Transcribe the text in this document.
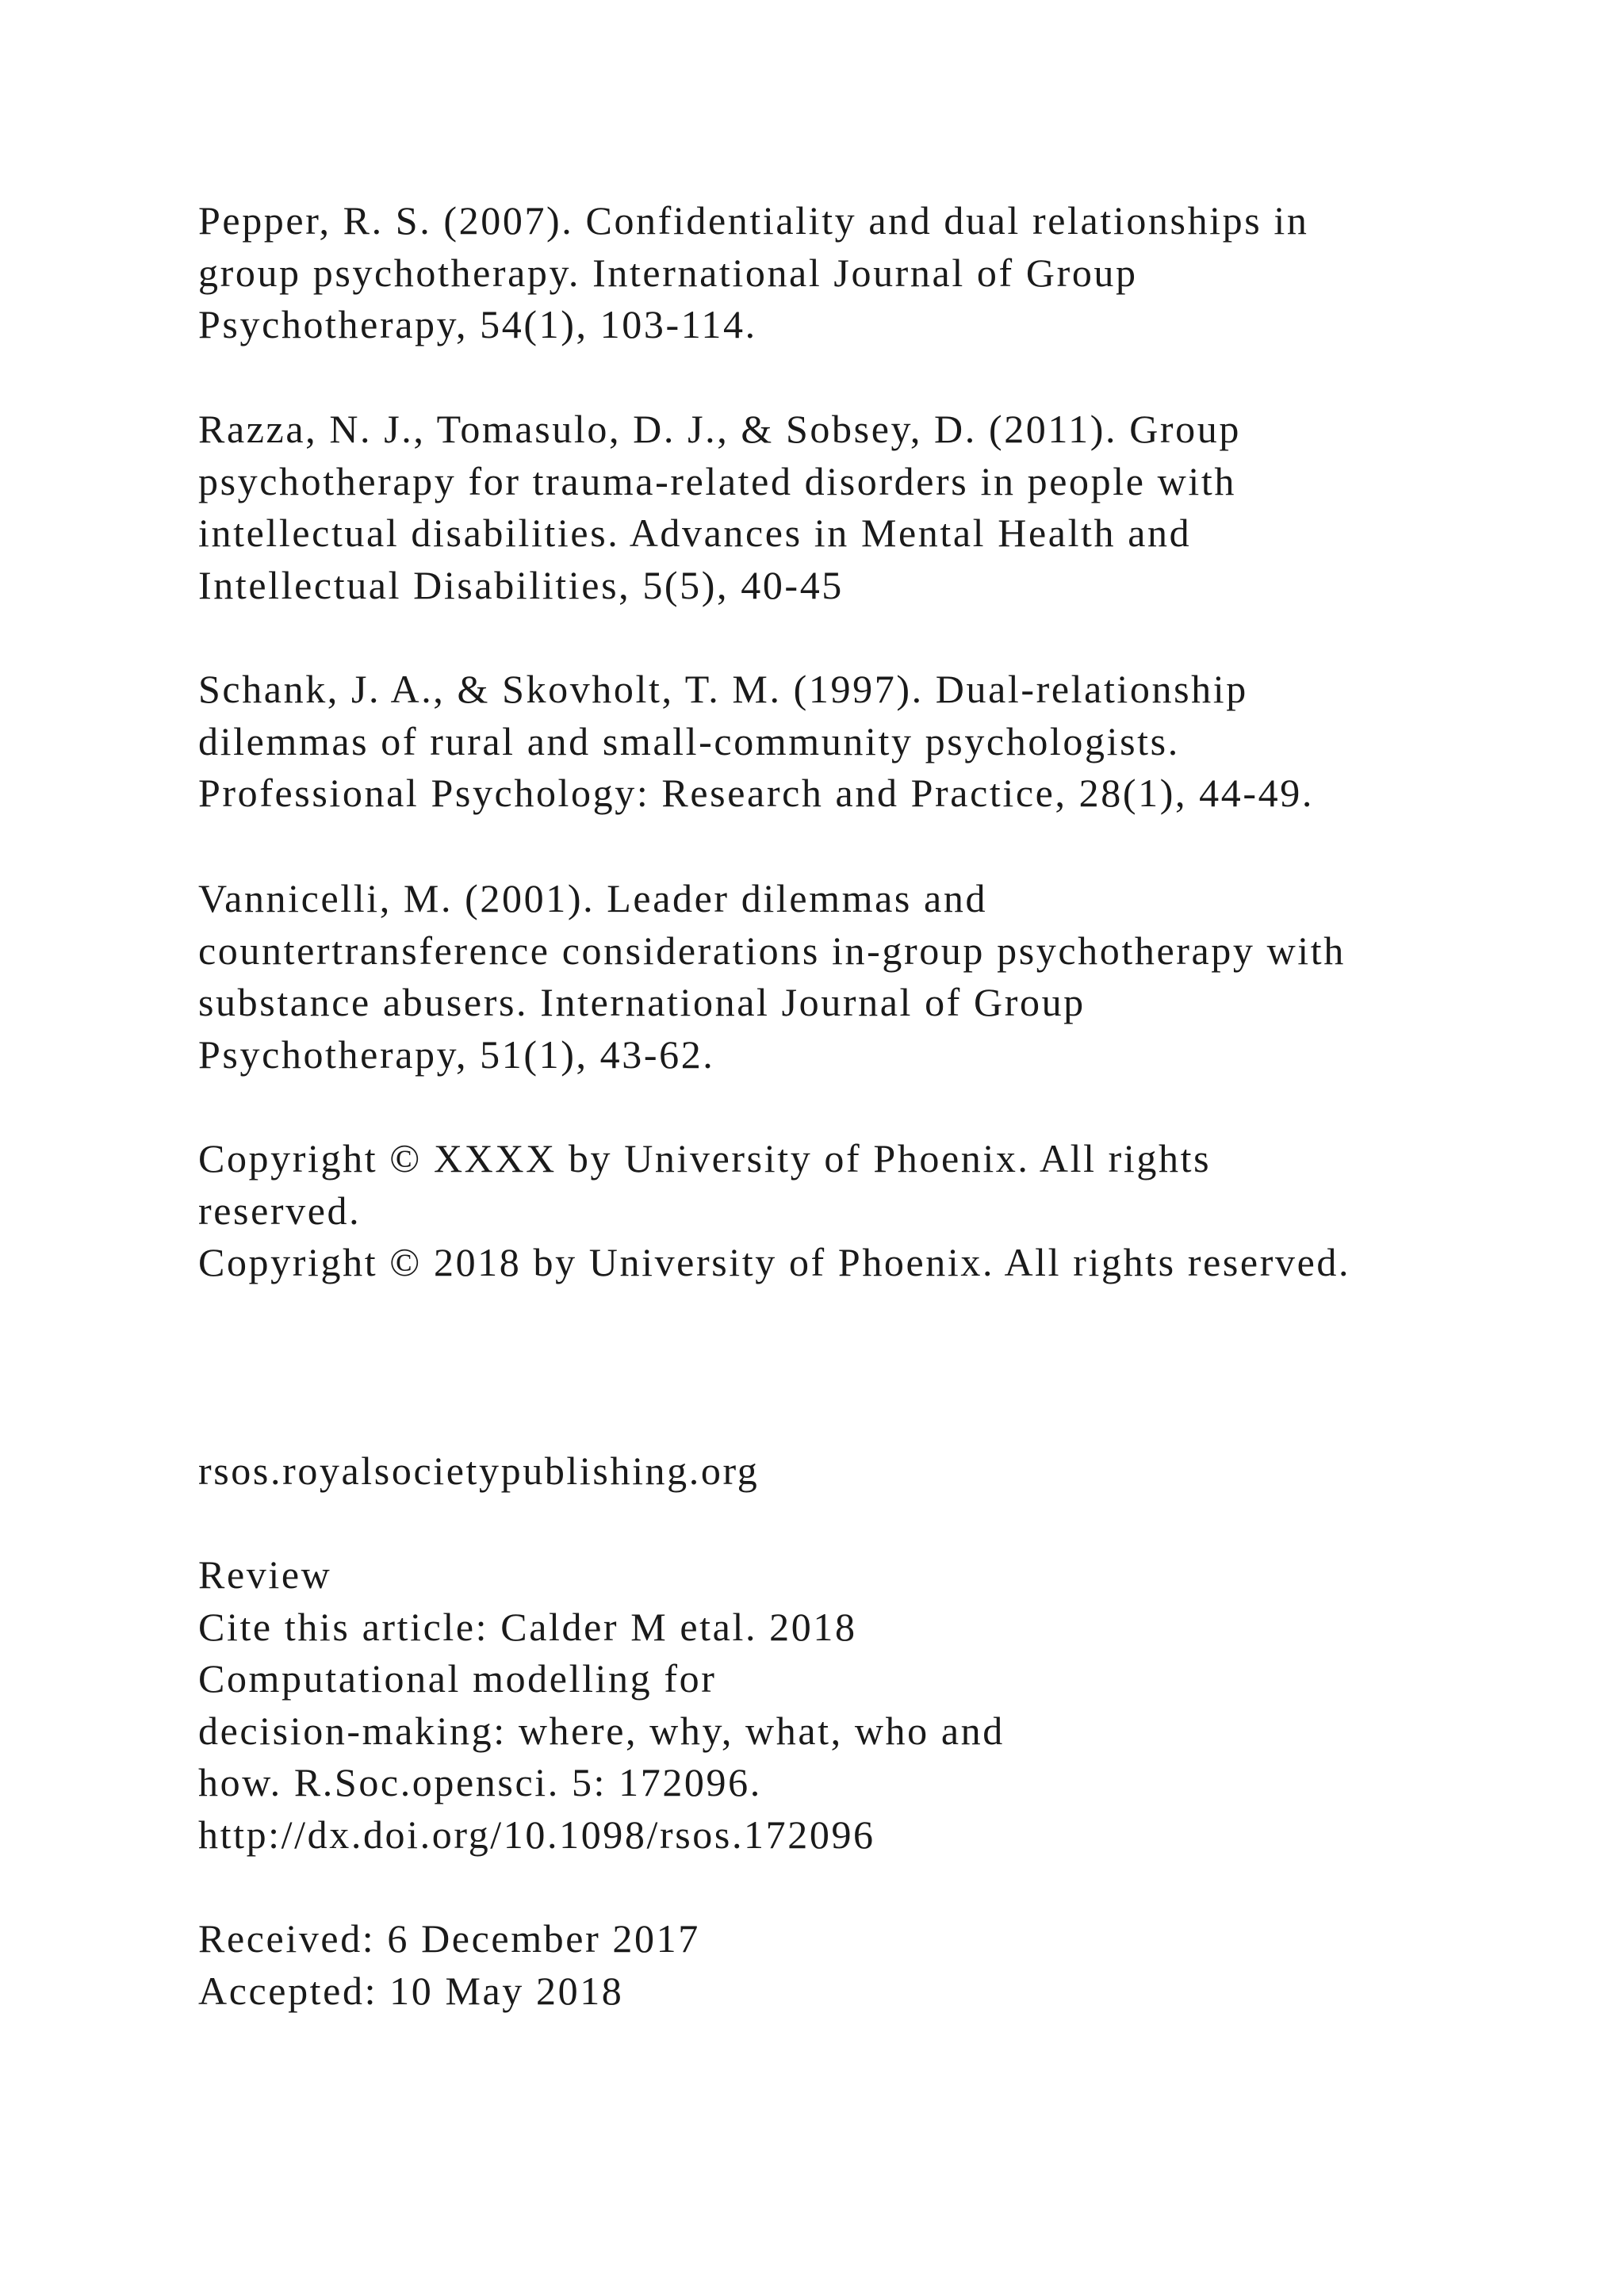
Pepper, R. S. (2007). Confidentiality and dual relationships in
group psychotherapy. International Journal of Group
Psychotherapy, 54(1), 103-114.
Razza, N. J., Tomasulo, D. J., & Sobsey, D. (2011). Group
psychotherapy for trauma-related disorders in people with
intellectual disabilities. Advances in Mental Health and
Intellectual Disabilities, 5(5), 40-45
Schank, J. A., & Skovholt, T. M. (1997). Dual-relationship
dilemmas of rural and small-community psychologists.
Professional Psychology: Research and Practice, 28(1), 44-49.
Vannicelli, M. (2001). Leader dilemmas and
countertransference considerations in-group psychotherapy with
substance abusers. International Journal of Group
Psychotherapy, 51(1), 43-62.
Copyright © XXXX by University of Phoenix. All rights
reserved.
Copyright © 2018 by University of Phoenix. All rights reserved.
rsos.royalsocietypublishing.org
Review
Cite this article: Calder M etal. 2018
Computational modelling for
decision-making: where, why, what, who and
how. R.Soc.opensci. 5: 172096.
http://dx.doi.org/10.1098/rsos.172096
Received: 6 December 2017
Accepted: 10 May 2018
